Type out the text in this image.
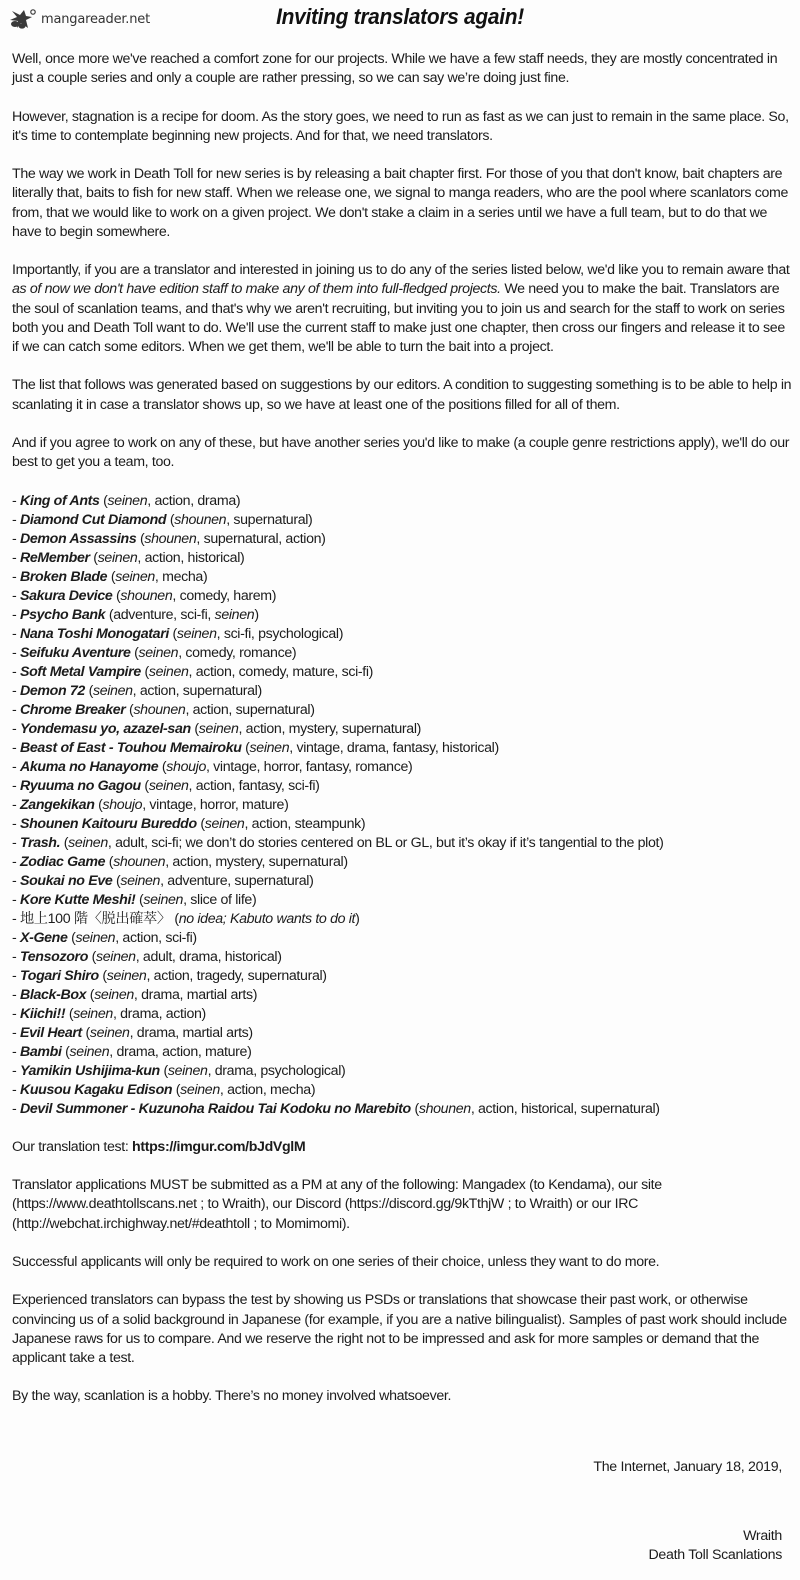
mangareader.net	Inviting translators again!

Well, once more we've reached a comfort zone for our projects. While we have a few staff needs, they are mostly concentrated in just a couple series and only a couple are rather pressing, so we can say we’re doing just fine.

However, stagnation is a recipe for doom. As the story goes, we need to run as fast as we can just to remain in the same place. So, it's time to contemplate beginning new projects. And for that, we need translators.

The way we work in Death Toll for new series is by releasing a bait chapter first. For those of you that don't know, bait chapters are literally that, baits to fish for new staff. When we release one, we signal to manga readers, who are the pool where scanlators come from, that we would like to work on a given project. We don't stake a claim in a series until we have a full team, but to do that we have to begin somewhere.

Importantly, if you are a translator and interested in joining us to do any of the series listed below, we'd like you to remain aware that as of now we don't have edition staff to make any of them into full-fledged projects. We need you to make the bait. Translators are the soul of scanlation teams, and that's why we aren't recruiting, but inviting you to join us and search for the staff to work on series both you and Death Toll want to do. We'll use the current staff to make just one chapter, then cross our fingers and release it to see if we can catch some editors. When we get them, we'll be able to turn the bait into a project.

The list that follows was generated based on suggestions by our editors. A condition to suggesting something is to be able to help in scanlating it in case a translator shows up, so we have at least one of the positions filled for all of them.

And if you agree to work on any of these, but have another series you'd like to make (a couple genre restrictions apply), we'll do our best to get you a team, too.

- King of Ants (seinen, action, drama)
- Diamond Cut Diamond (shounen, supernatural)
- Demon Assassins (shounen, supernatural, action)
- ReMember (seinen, action, historical)
- Broken Blade (seinen, mecha)
- Sakura Device (shounen, comedy, harem)
- Psycho Bank (adventure, sci-fi, seinen)
- Nana Toshi Monogatari (seinen, sci-fi, psychological)
- Seifuku Aventure (seinen, comedy, romance)
- Soft Metal Vampire (seinen, action, comedy, mature, sci-fi)
- Demon 72 (seinen, action, supernatural)
- Chrome Breaker (shounen, action, supernatural)
- Yondemasu yo, azazel-san (seinen, action, mystery, supernatural)
- Beast of East - Touhou Memairoku (seinen, vintage, drama, fantasy, historical)
- Akuma no Hanayome (shoujo, vintage, horror, fantasy, romance)
- Ryuuma no Gagou (seinen, action, fantasy, sci-fi)
- Zangekikan (shoujo, vintage, horror, mature)
- Shounen Kaitouru Bureddo (seinen, action, steampunk)
- Trash. (seinen, adult, sci-fi; we don’t do stories centered on BL or GL, but it’s okay if it’s tangential to the plot)
- Zodiac Game (shounen, action, mystery, supernatural)
- Soukai no Eve (seinen, adventure, supernatural)
- Kore Kutte Meshi! (seinen, slice of life)
- 地上100 階〈脱出確萃〉 (no idea; Kabuto wants to do it)
- X-Gene (seinen, action, sci-fi)
- Tensozoro (seinen, adult, drama, historical)
- Togari Shiro (seinen, action, tragedy, supernatural)
- Black-Box (seinen, drama, martial arts)
- Kiichi!! (seinen, drama, action)
- Evil Heart (seinen, drama, martial arts)
- Bambi (seinen, drama, action, mature)
- Yamikin Ushijima-kun (seinen, drama, psychological)
- Kuusou Kagaku Edison (seinen, action, mecha)
- Devil Summoner - Kuzunoha Raidou Tai Kodoku no Marebito (shounen, action, historical, supernatural)

Our translation test: https://imgur.com/bJdVglM

Translator applications MUST be submitted as a PM at any of the following: Mangadex (to Kendama), our site (https://www.deathtollscans.net ; to Wraith), our Discord (https://discord.gg/9kTthjW ; to Wraith) or our IRC (http://webchat.irchighway.net/#deathtoll ; to Momimomi).

Successful applicants will only be required to work on one series of their choice, unless they want to do more.

Experienced translators can bypass the test by showing us PSDs or translations that showcase their past work, or otherwise convincing us of a solid background in Japanese (for example, if you are a native bilingualist). Samples of past work should include Japanese raws for us to compare. And we reserve the right not to be impressed and ask for more samples or demand that the applicant take a test.

By the way, scanlation is a hobby. There’s no money involved whatsoever.

The Internet, January 18, 2019,
Wraith
Death Toll Scanlations
